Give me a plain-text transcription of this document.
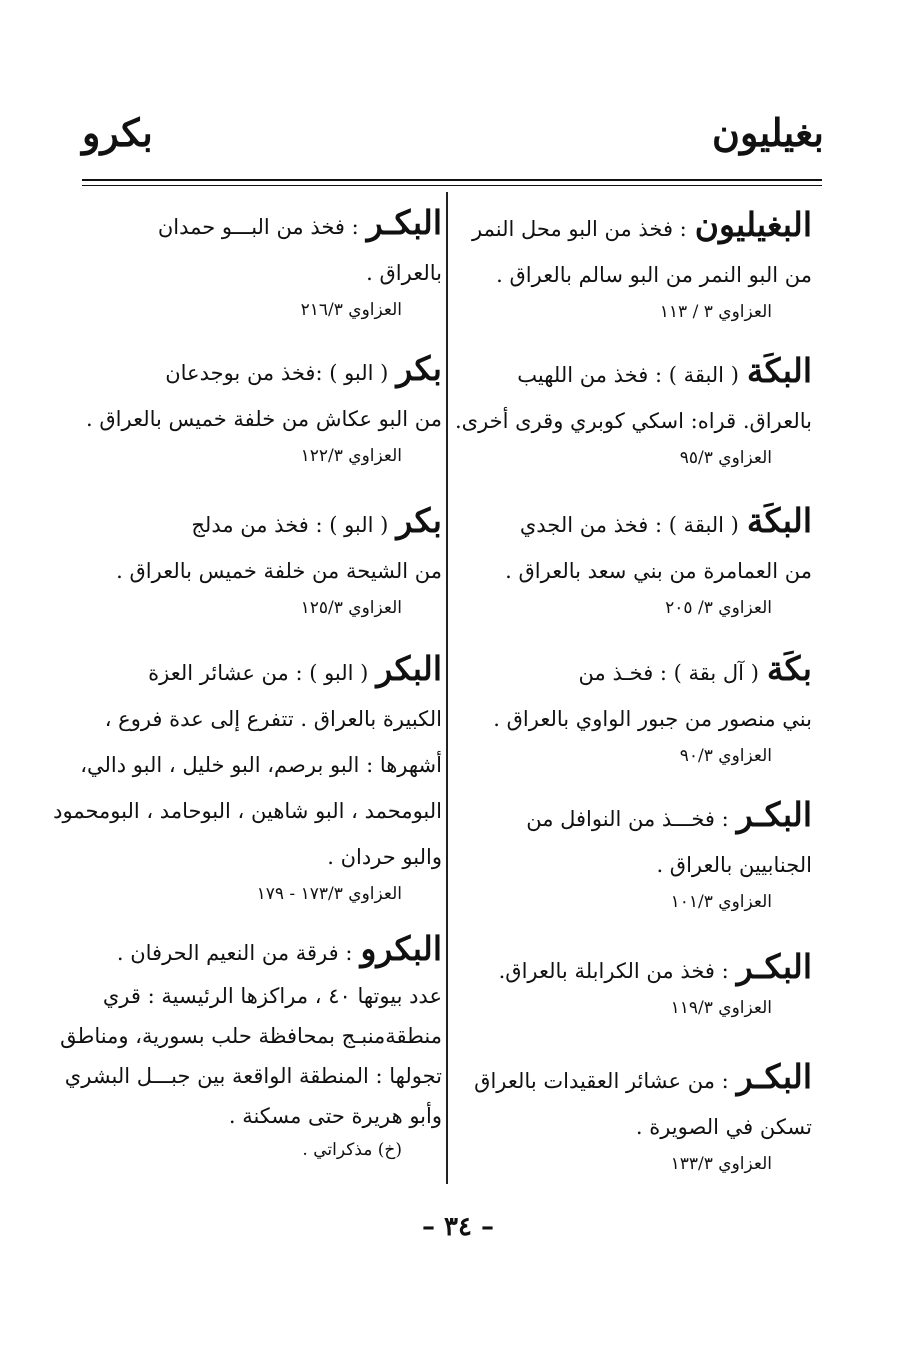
بغيليون
بكرو
البغيليون: فخذ من البو محل النمر
من البو النمر من البو سالم بالعراق .
العزاوي ٣ / ١١٣
البكَة( البقة ) : فخذ من اللهيب
بالعراق. قراه: اسكي كوبري وقرى أخرى.
العزاوي ٩٥/٣
البكَة( البقة ) : فخذ من الجدي
من العمامرة من بني سعد بالعراق .
العزاوي ٣/ ٢٠٥
بكَة( آل بقة ) : فخـذ من
بني منصور من جبور الواوي بالعراق .
العزاوي ٩٠/٣
البكـر: فخـــذ من النوافل من
الجنابيين بالعراق .
العزاوي ١٠١/٣
البكـر: فخذ من الكرابلة بالعراق.
العزاوي ١١٩/٣
البكـر: من عشائر العقيدات بالعراق
تسكن في الصويرة .
العزاوي ١٣٣/٣
البكـر: فخذ من البـــو حمدان
بالعراق .
العزاوي ٢١٦/٣
بكر( البو ) :فخذ من بوجدعان
من البو عكاش من خلفة خميس بالعراق .
العزاوي ١٢٢/٣
بكر( البو ) : فخذ من مدلج
من الشيحة من خلفة خميس بالعراق .
العزاوي ١٢٥/٣
البكر( البو ) : من عشائر العزة
الكبيرة بالعراق . تتفرع إلى عدة فروع ،
أشهرها : البو برصم، البو خليل ، البو دالي،
البومحمد ، البو شاهين ، البوحامد ، البومحمود
والبو حردان .
العزاوي ١٧٣/٣ - ١٧٩
البكرو: فرقة من النعيم الحرفان .
عدد بيوتها ٤٠ ، مراكزها الرئيسية : قري
منطقةمنبـج بمحافظة حلب بسورية، ومناطق
تجولها : المنطقة الواقعة بين جبـــل البشري
وأبو هريرة حتى مسكنة .
(خ) مذكراتي .
– ٣٤ –
